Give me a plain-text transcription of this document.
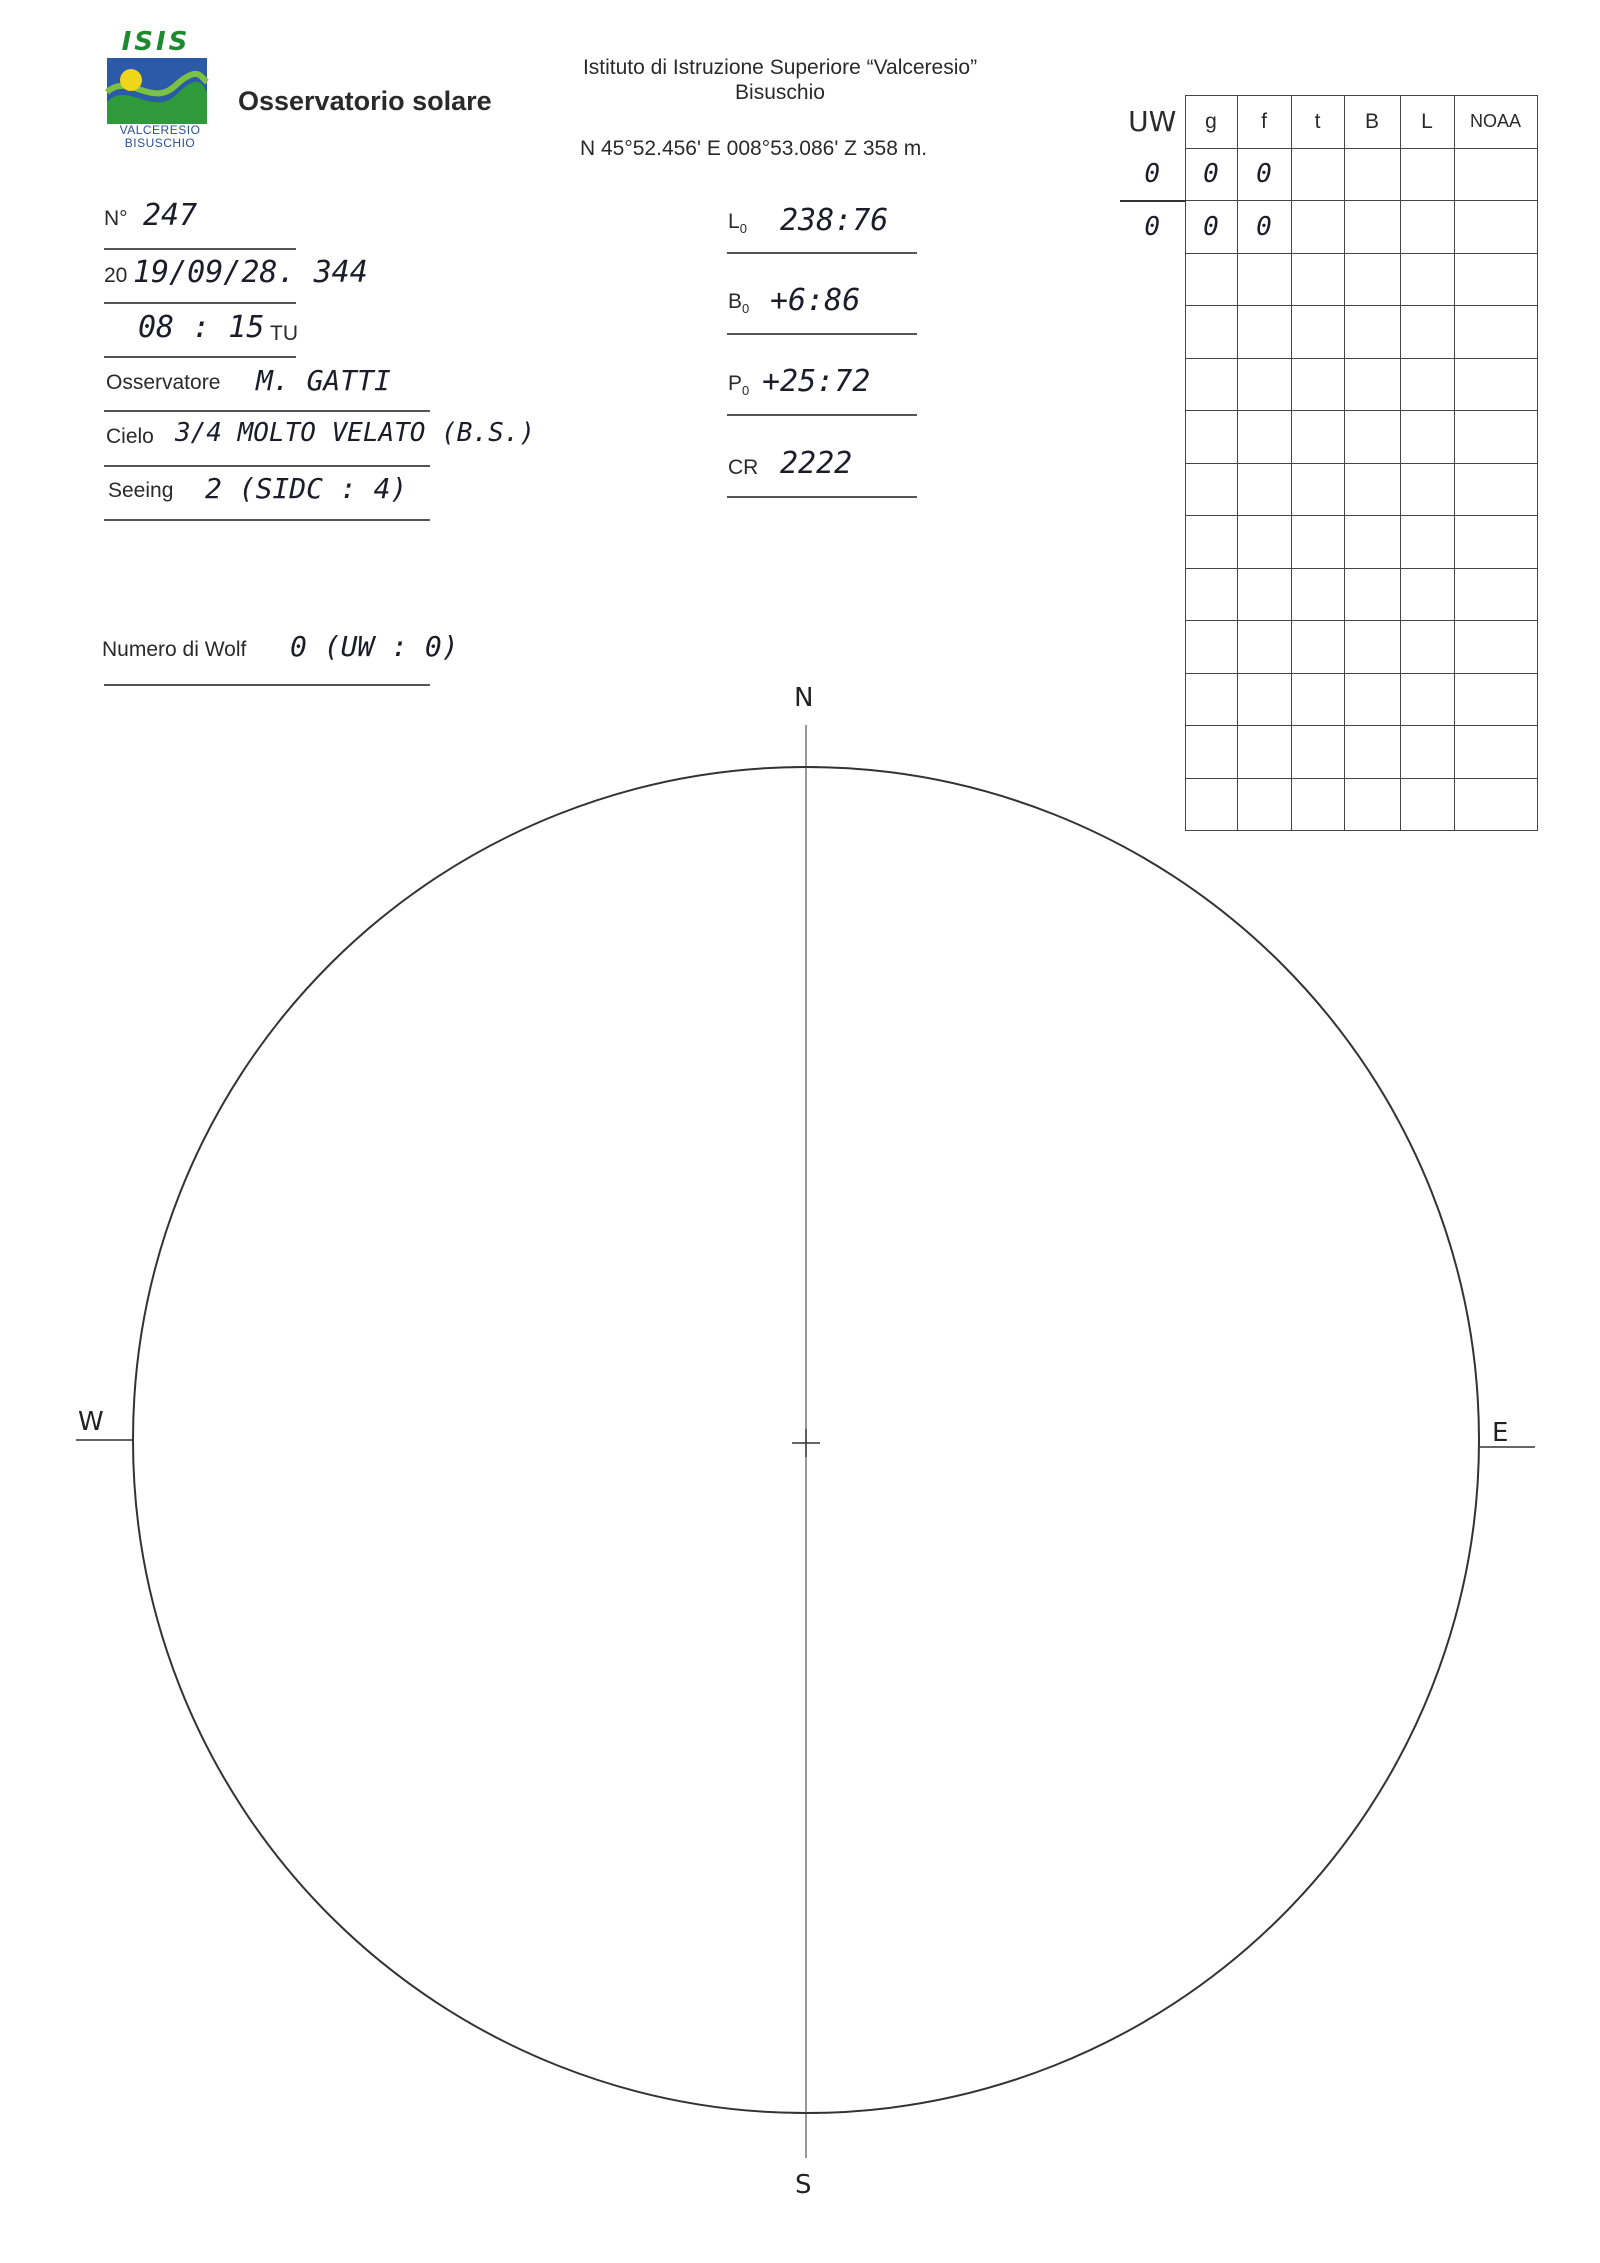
ISIS
VALCERESIO
BISUSCHIO
Osservatorio solare
Istituto di Istruzione Superiore “Valceresio”
Bisuschio
N 45°52.456' E 008°53.086' Z 358 m.
N° 247
20 19/09/28. 344
08 : 15 TU
Osservatore M. GATTI
Cielo 3/4 MOLTO VELATO (B.S.)
Seeing 2 (SIDC : 4)
Numero di Wolf 0 (UW : 0)
$L_0$ 238:76
$B_0$ +6:86
$P_0$ +25:72
CR 2222
UW	g	f	t	B	L	NOAA
0	0	0				
0	0	0				

N
S
W	E
